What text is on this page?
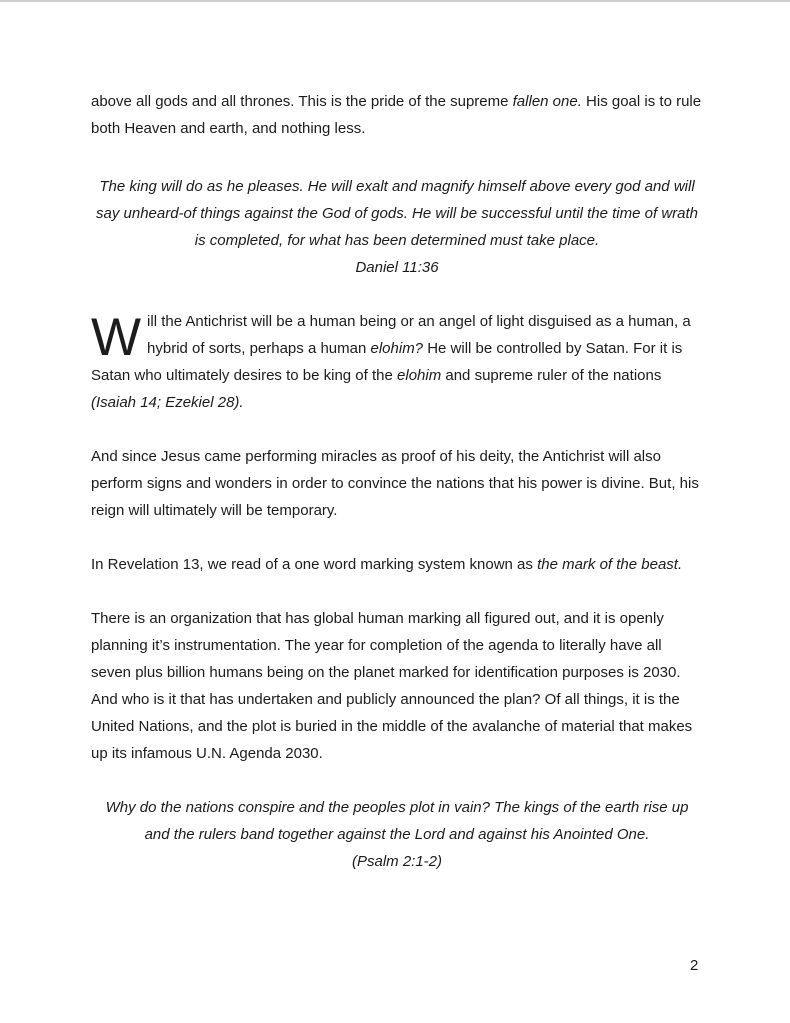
above all gods and all thrones. This is the pride of the supreme fallen one. His goal is to rule both Heaven and earth, and nothing less.

The king will do as he pleases. He will exalt and magnify himself above every god and will say unheard-of things against the God of gods. He will be successful until the time of wrath is completed, for what has been determined must take place.

Daniel 11:36

Will the Antichrist will be a human being or an angel of light disguised as a human, a hybrid of sorts, perhaps a human elohim? He will be controlled by Satan. For it is Satan who ultimately desires to be king of the elohim and supreme ruler of the nations (Isaiah 14; Ezekiel 28).

And since Jesus came performing miracles as proof of his deity, the Antichrist will also perform signs and wonders in order to convince the nations that his power is divine. But, his reign will ultimately will be temporary.

In Revelation 13, we read of a one word marking system known as the mark of the beast.

There is an organization that has global human marking all figured out, and it is openly planning it’s instrumentation. The year for completion of the agenda to literally have all seven plus billion humans being on the planet marked for identification purposes is 2030. And who is it that has undertaken and publicly announced the plan? Of all things, it is the United Nations, and the plot is buried in the middle of the avalanche of material that makes up its infamous U.N. Agenda 2030.

Why do the nations conspire and the peoples plot in vain? The kings of the earth rise up and the rulers band together against the Lord and against his Anointed One.

(Psalm 2:1-2)

2
